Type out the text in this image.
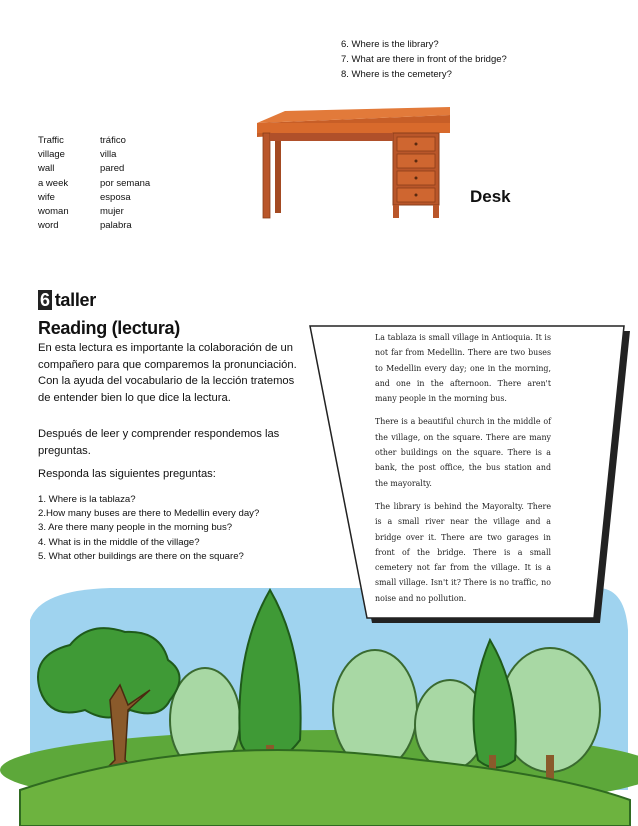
6. Where is the library?
7. What are there in front of the bridge?
8. Where is the cemetery?
Traffic	tráfico
village	villa
wall	pared
a week	por semana
wife	esposa
woman	mujer
word	palabra
Desk
6 taller
Reading (lectura)
En esta lectura es importante la colaboración de un compañero para que comparemos la pronunciación. Con la ayuda del vocabulario de la lección tratemos de entender bien lo que dice la lectura.
Después de leer y comprender respondemos las preguntas.
Responda las siguientes preguntas:
1. Where is la tablaza?
2.How many buses are there to Medellin every day?
3. Are there many people in the morning bus?
4. What is in the middle of the village?
5. What other buildings are there on the square?

La tablaza is small village in Antioquia. It is not far from Medellin. There are two buses to Medellin every day; one in the morning, and one in the afternoon. There aren't many people in the morning bus.

There is a beautiful church in the middle of the village, on the square. There are many other buildings on the square. There is a bank, the post office, the bus station and the mayoralty.

The library is behind the Mayoralty. There is a small river near the village and a bridge over it. There are two garages in front of the bridge. There is a small cemetery not far from the village. It is a small village. Isn't it? There is no traffic, no noise and no pollution.
